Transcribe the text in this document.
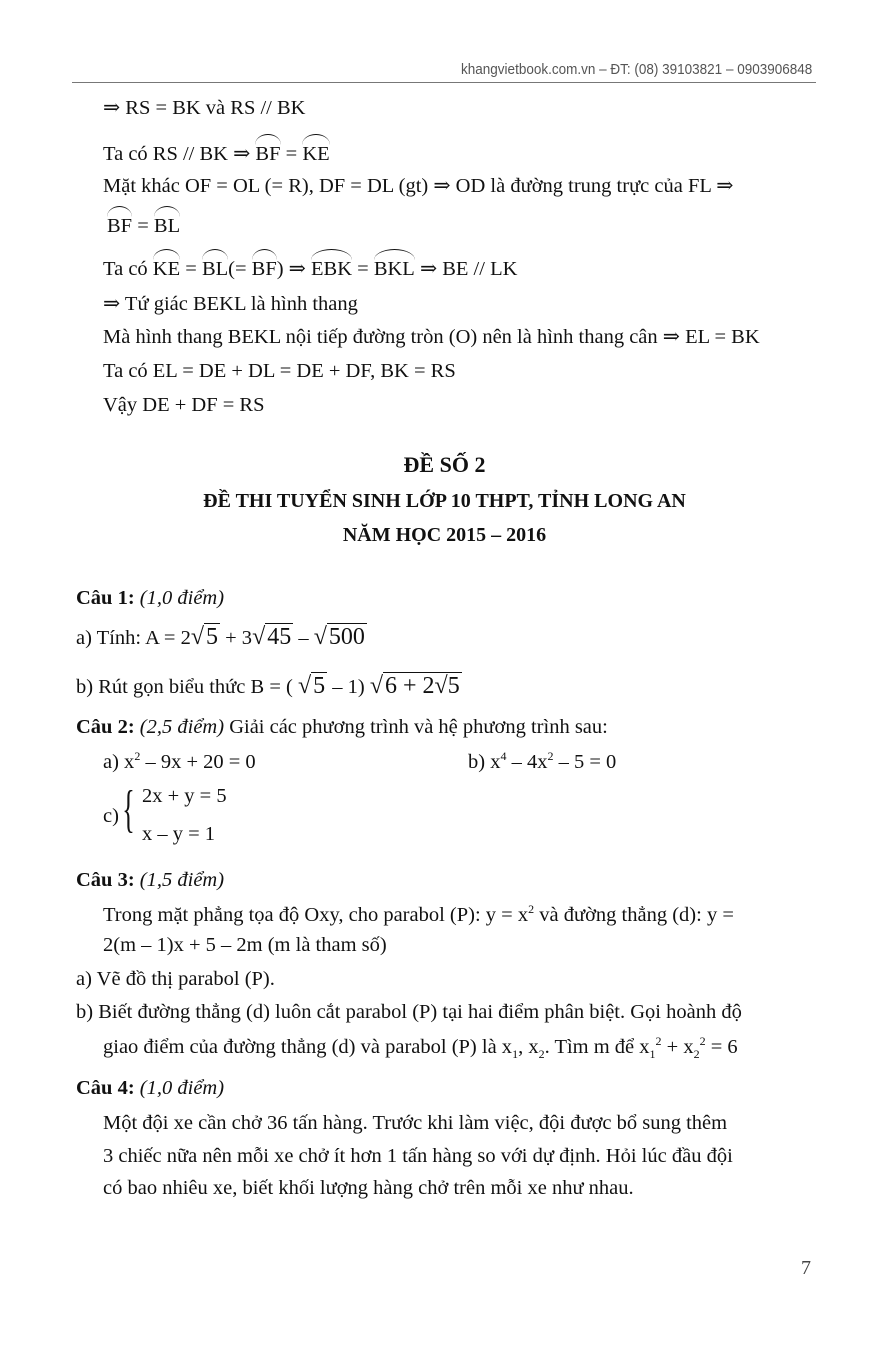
khangvietbook.com.vn – ĐT: (08) 39103821 – 0903906848
⇒ RS = BK và RS // BK
Ta có RS // BK ⇒ BF = KE
Mặt khác OF = OL (= R), DF = DL (gt) ⇒ OD là đường trung trực của FL ⇒
BF = BL
Ta có KE = BL(= BF) ⇒ EBK = BKL ⇒ BE // LK
⇒ Tứ giác BEKL là hình thang
Mà hình thang BEKL nội tiếp đường tròn (O) nên là hình thang cân ⇒ EL = BK
Ta có EL = DE + DL = DE + DF, BK = RS
Vậy DE + DF = RS
Câu 1: (1,0 điểm)
a) Tính: A = 2√5 + 3√45 – √500
b) Rút gọn biểu thức B = ( √5 – 1) √6 + 2√5
Câu 2: (2,5 điểm) Giải các phương trình và hệ phương trình sau:
a) $x^2 - 9x + 20 = 0$	b) $x^4 - 4x^2 - 5 = 0$
c)
2x + y = 5
x – y = 1
Câu 3: (1,5 điểm)
Trong mặt phẳng tọa độ Oxy, cho parabol (P): $y = x^2$ và đường thẳng (d): y =
2(m – 1)x + 5 – 2m (m là tham số)
a) Vẽ đồ thị parabol (P).
b) Biết đường thẳng (d) luôn cắt parabol (P) tại hai điểm phân biệt. Gọi hoành độ
giao điểm của đường thẳng (d) và parabol (P) là $x_1$, $x_2$. Tìm m để $x_1^2 + x_2^2 = 6$
Câu 4: (1,0 điểm)
Một đội xe cần chở 36 tấn hàng. Trước khi làm việc, đội được bổ sung thêm
3 chiếc nữa nên mỗi xe chở ít hơn 1 tấn hàng so với dự định. Hỏi lúc đầu đội
có bao nhiêu xe, biết khối lượng hàng chở trên mỗi xe như nhau.
ĐỀ SỐ 2
ĐỀ THI TUYỂN SINH LỚP 10 THPT, TỈNH LONG AN
NĂM HỌC 2015 – 2016
{
7
